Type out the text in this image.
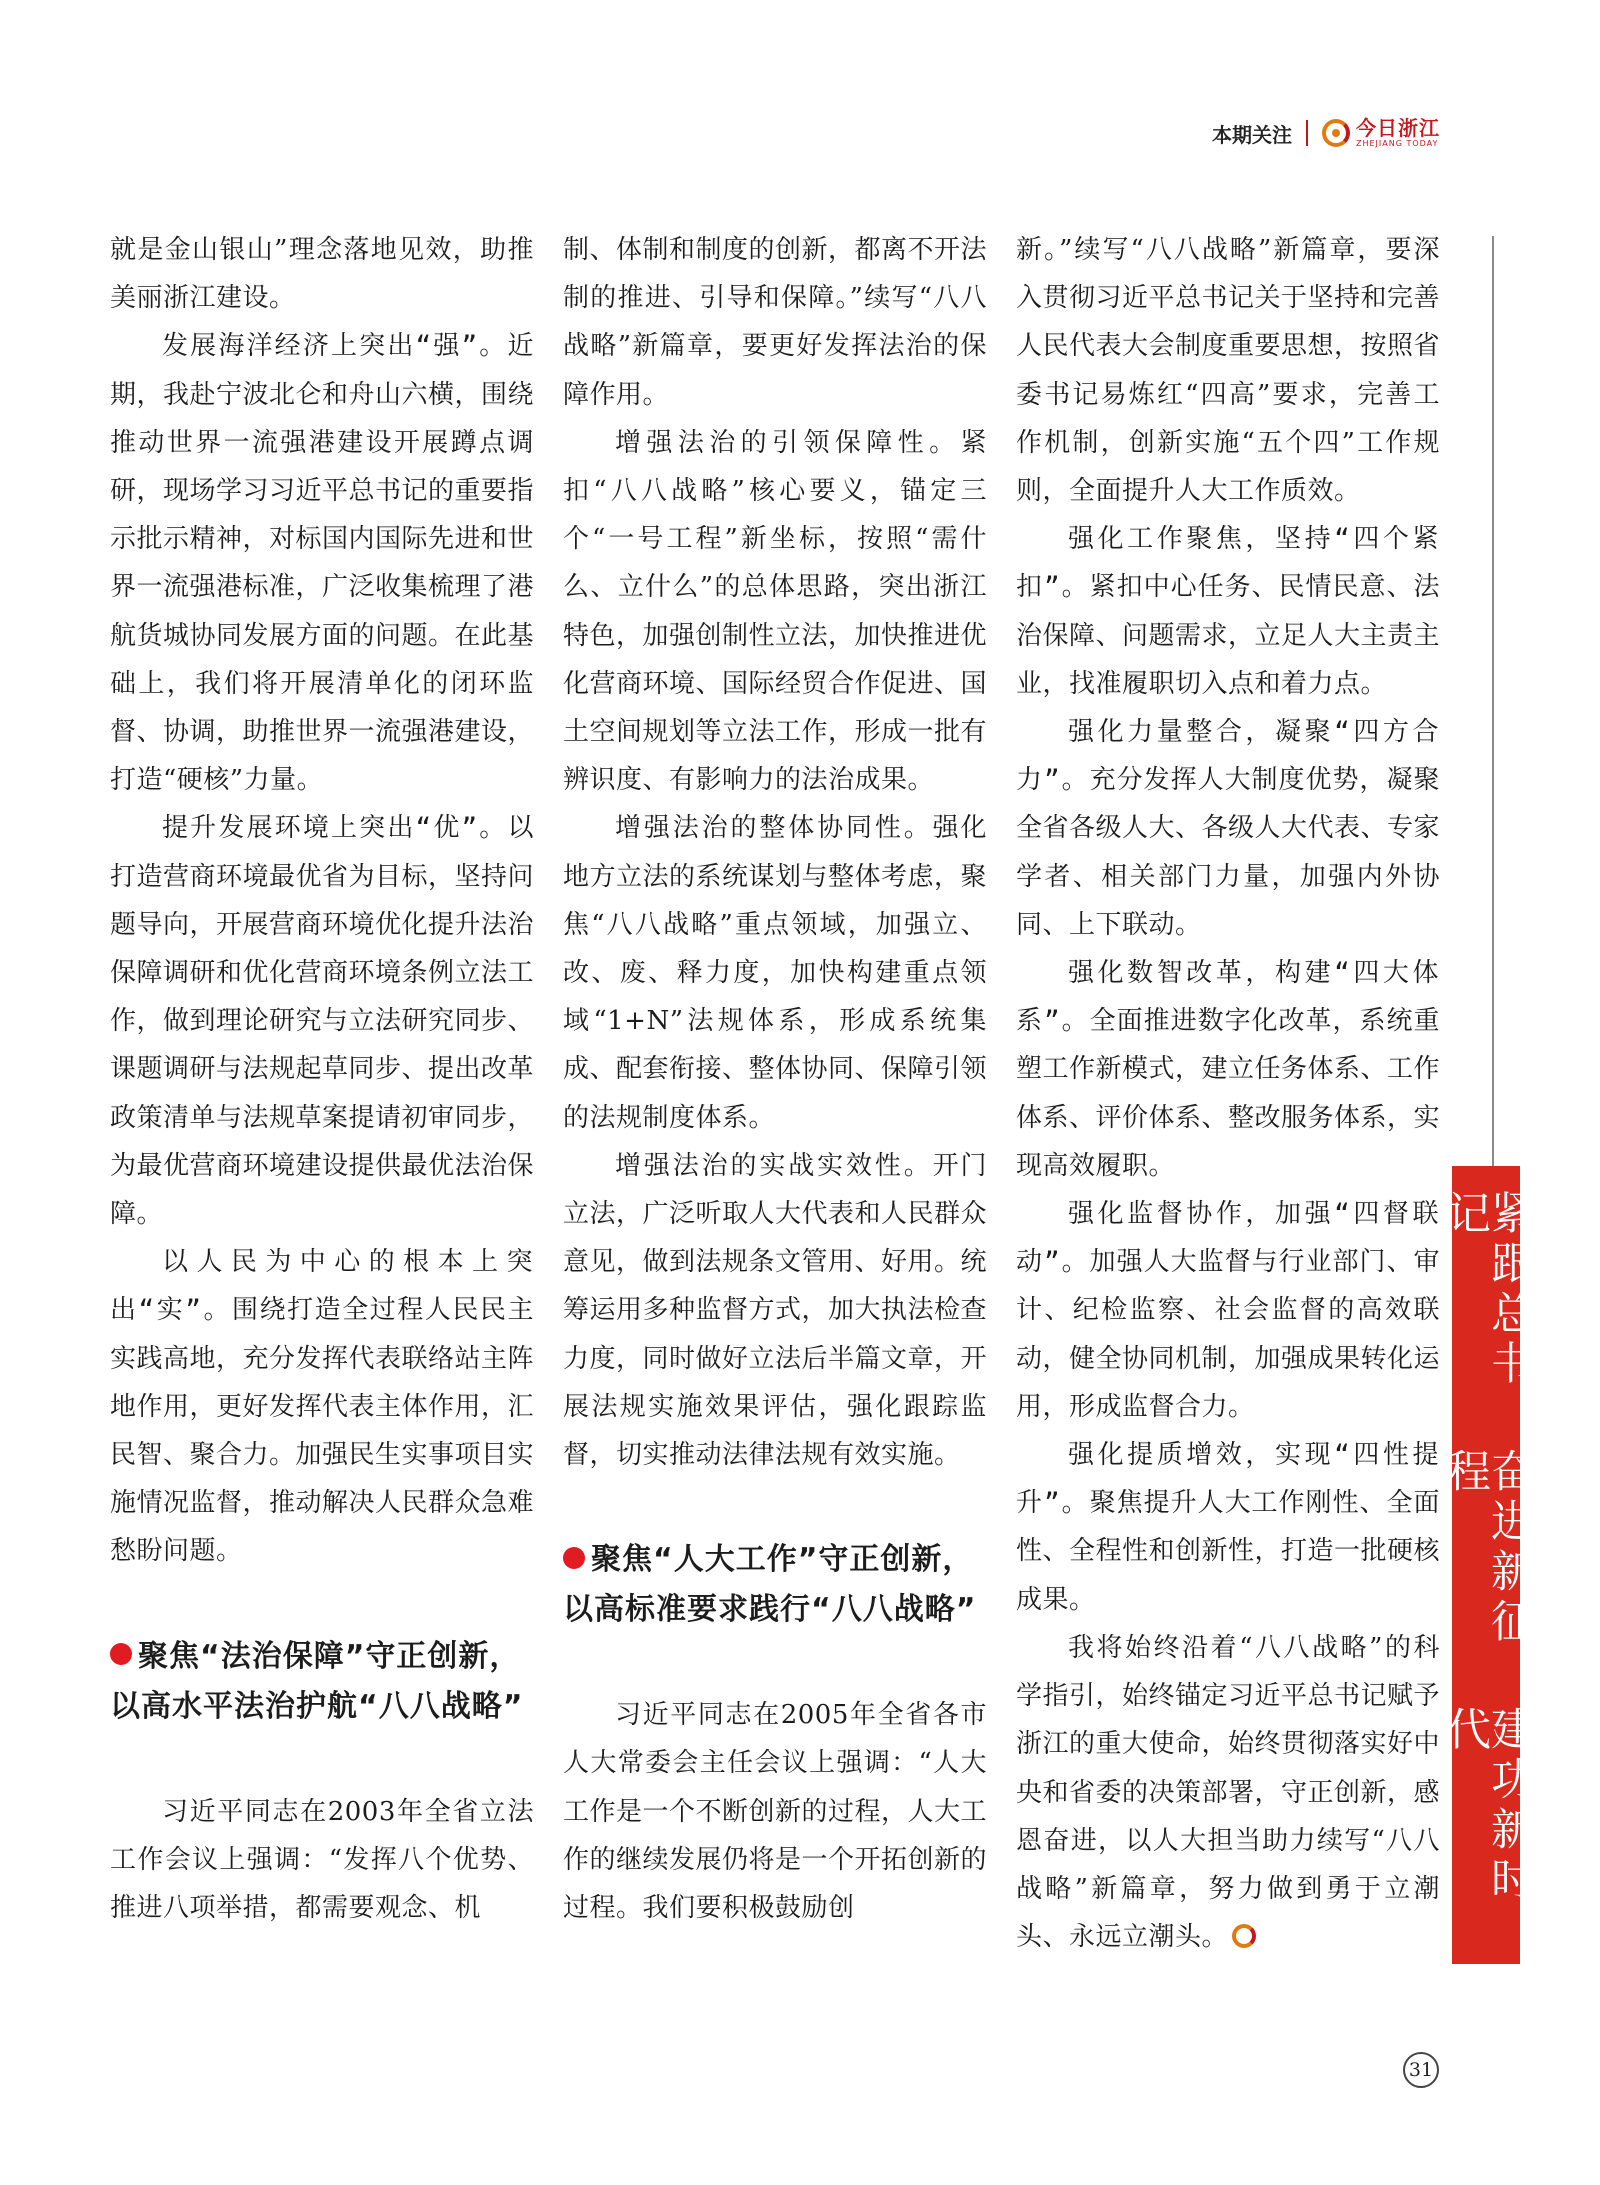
本期关注	今日浙江
ZHEJIANG TODAY

就是金山银山”理念落地见效，助推美丽浙江建设。

发展海洋经济上突出“强”。近期，我赴宁波北仑和舟山六横，围绕推动世界一流强港建设开展蹲点调研，现场学习习近平总书记的重要指示批示精神，对标国内国际先进和世界一流强港标准，广泛收集梳理了港航货城协同发展方面的问题。在此基础上，我们将开展清单化的闭环监督、协调，助推世界一流强港建设，打造“硬核”力量。

提升发展环境上突出“优”。以打造营商环境最优省为目标，坚持问题导向，开展营商环境优化提升法治保障调研和优化营商环境条例立法工作，做到理论研究与立法研究同步、课题调研与法规起草同步、提出改革政策清单与法规草案提请初审同步，为最优营商环境建设提供最优法治保障。

以人民为中心的根本上突出“实”。围绕打造全过程人民民主实践高地，充分发挥代表联络站主阵地作用，更好发挥代表主体作用，汇民智、聚合力。加强民生实事项目实施情况监督，推动解决人民群众急难愁盼问题。

聚焦“法治保障”守正创新，以高水平法治护航“八八战略”

习近平同志在2003年全省立法工作会议上强调：“发挥八个优势、推进八项举措，都需要观念、机

制、体制和制度的创新，都离不开法制的推进、引导和保障。”续写“八八战略”新篇章，要更好发挥法治的保障作用。

增强法治的引领保障性。紧扣“八八战略”核心要义，锚定三个“一号工程”新坐标，按照“需什么、立什么”的总体思路，突出浙江特色，加强创制性立法，加快推进优化营商环境、国际经贸合作促进、国土空间规划等立法工作，形成一批有辨识度、有影响力的法治成果。

增强法治的整体协同性。强化地方立法的系统谋划与整体考虑，聚焦“八八战略”重点领域，加强立、改、废、释力度，加快构建重点领域“1+N”法规体系，形成系统集成、配套衔接、整体协同、保障引领的法规制度体系。

增强法治的实战实效性。开门立法，广泛听取人大代表和人民群众意见，做到法规条文管用、好用。统筹运用多种监督方式，加大执法检查力度，同时做好立法后半篇文章，开展法规实施效果评估，强化跟踪监督，切实推动法律法规有效实施。

聚焦“人大工作”守正创新，以高标准要求践行“八八战略”

习近平同志在2005年全省各市人大常委会主任会议上强调：“人大工作是一个不断创新的过程，人大工作的继续发展仍将是一个开拓创新的过程。我们要积极鼓励创

新。”续写“八八战略”新篇章，要深入贯彻习近平总书记关于坚持和完善人民代表大会制度重要思想，按照省委书记易炼红“四高”要求，完善工作机制，创新实施“五个四”工作规则，全面提升人大工作质效。

强化工作聚焦，坚持“四个紧扣”。紧扣中心任务、民情民意、法治保障、问题需求，立足人大主责主业，找准履职切入点和着力点。

强化力量整合，凝聚“四方合力”。充分发挥人大制度优势，凝聚全省各级人大、各级人大代表、专家学者、相关部门力量，加强内外协同、上下联动。

强化数智改革，构建“四大体系”。全面推进数字化改革，系统重塑工作新模式，建立任务体系、工作体系、评价体系、整改服务体系，实现高效履职。

强化监督协作，加强“四督联动”。加强人大监督与行业部门、审计、纪检监察、社会监督的高效联动，健全协同机制，加强成果转化运用，形成监督合力。

强化提质增效，实现“四性提升”。聚焦提升人大工作刚性、全面性、全程性和创新性，打造一批硬核成果。

我将始终沿着“八八战略”的科学指引，始终锚定习近平总书记赋予浙江的重大使命，始终贯彻落实好中央和省委的决策部署，守正创新，感恩奋进，以人大担当助力续写“八八战略”新篇章，努力做到勇于立潮头、永远立潮头。

紧跟总书记
奋进新征程
建功新时代
31
